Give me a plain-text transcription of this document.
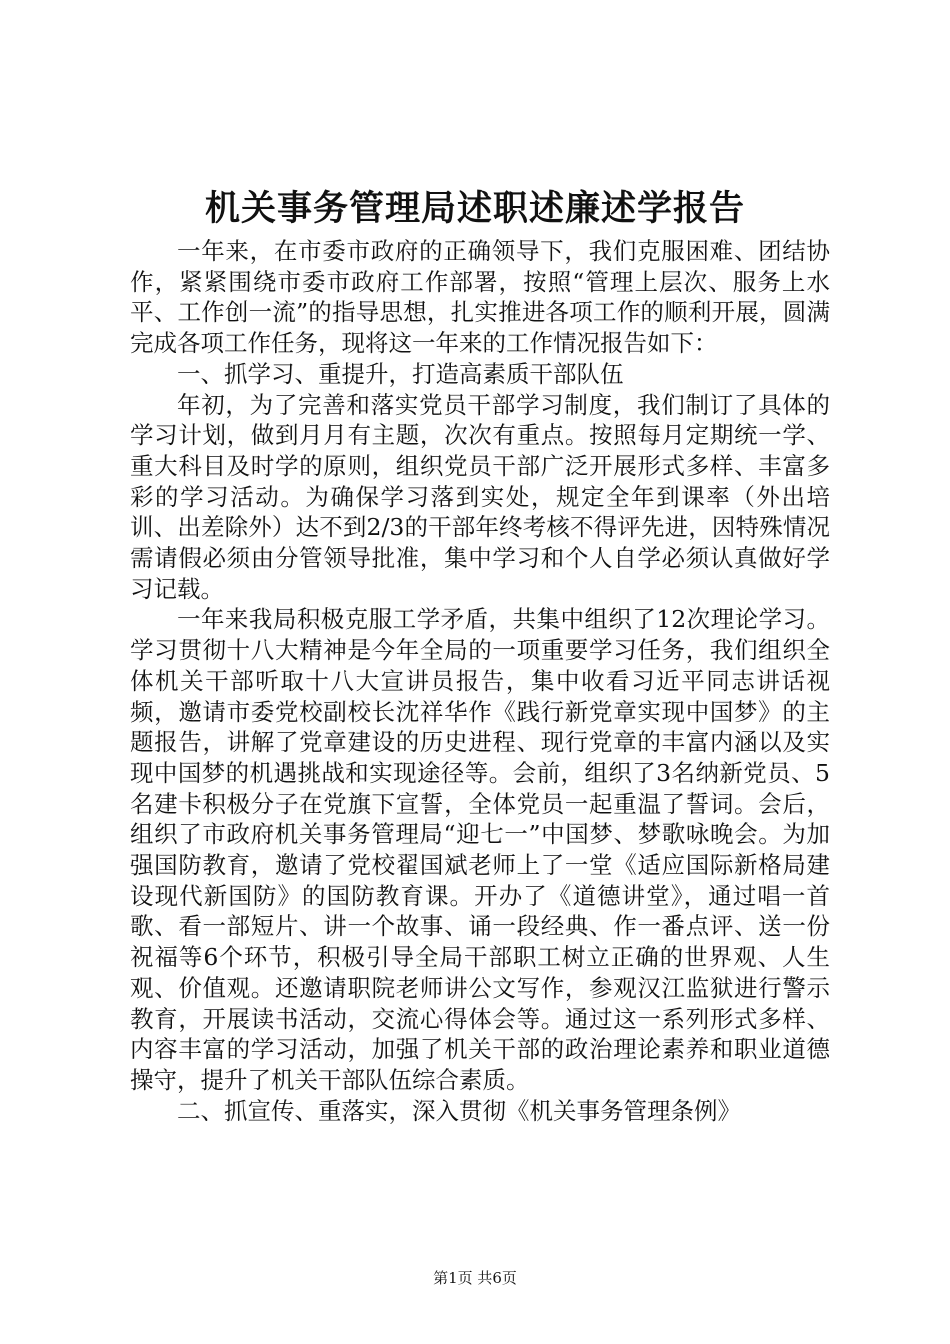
机关事务管理局述职述廉述学报告

一年来，在市委市政府的正确领导下，我们克服困难、团结协作，紧紧围绕市委市政府工作部署，按照“管理上层次、服务上水平、工作创一流”的指导思想，扎实推进各项工作的顺利开展，圆满完成各项工作任务，现将这一年来的工作情况报告如下：

一、抓学习、重提升，打造高素质干部队伍

年初，为了完善和落实党员干部学习制度，我们制订了具体的学习计划，做到月月有主题，次次有重点。按照每月定期统一学、重大科目及时学的原则，组织党员干部广泛开展形式多样、丰富多彩的学习活动。为确保学习落到实处，规定全年到课率（外出培训、出差除外）达不到2/3的干部年终考核不得评先进，因特殊情况需请假必须由分管领导批准，集中学习和个人自学必须认真做好学习记载。

一年来我局积极克服工学矛盾，共集中组织了12次理论学习。学习贯彻十八大精神是今年全局的一项重要学习任务，我们组织全体机关干部听取十八大宣讲员报告，集中收看习近平同志讲话视频，邀请市委党校副校长沈祥华作《践行新党章实现中国梦》的主题报告，讲解了党章建设的历史进程、现行党章的丰富内涵以及实现中国梦的机遇挑战和实现途径等。会前，组织了3名纳新党员、5名建卡积极分子在党旗下宣誓，全体党员一起重温了誓词。会后，组织了市政府机关事务管理局“迎七一”中国梦、梦歌咏晚会。为加强国防教育，邀请了党校翟国斌老师上了一堂《适应国际新格局建设现代新国防》的国防教育课。开办了《道德讲堂》，通过唱一首歌、看一部短片、讲一个故事、诵一段经典、作一番点评、送一份祝福等6个环节，积极引导全局干部职工树立正确的世界观、人生观、价值观。还邀请职院老师讲公文写作，参观汉江监狱进行警示教育，开展读书活动，交流心得体会等。通过这一系列形式多样、内容丰富的学习活动，加强了机关干部的政治理论素养和职业道德操守，提升了机关干部队伍综合素质。

二、抓宣传、重落实，深入贯彻《机关事务管理条例》

第1页 共6页
